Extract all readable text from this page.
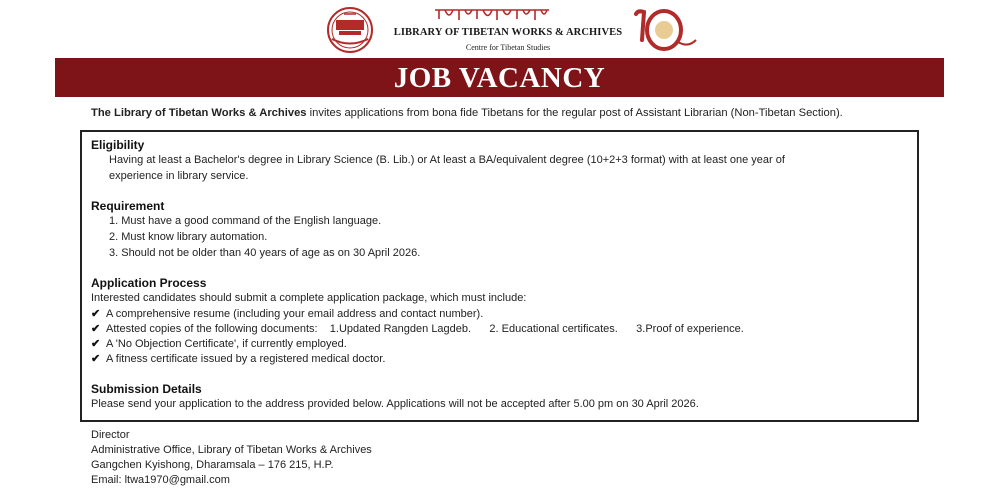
LIBRARY OF TIBETAN WORKS & ARCHIVES
Centre for Tibetan Studies
JOB VACANCY
The Library of Tibetan Works & Archives invites applications from bona fide Tibetans for the regular post of Assistant Librarian (Non-Tibetan Section).
Eligibility
Having at least a Bachelor's degree in Library Science (B. Lib.) or At least a BA/equivalent degree (10+2+3 format) with at least one year of
experience in library service.
Requirement
1. Must have a good command of the English language.
2. Must know library automation.
3. Should not be older than 40 years of age as on 30 April 2026.
Application Process
Interested candidates should submit a complete application package, which must include:
✔ A comprehensive resume (including your email address and contact number).
✔ Attested copies of the following documents:    1.Updated Rangden Lagdeb.      2. Educational certificates.      3.Proof of experience.
✔ A 'No Objection Certificate', if currently employed.
✔ A fitness certificate issued by a registered medical doctor.
Submission Details
Please send your application to the address provided below. Applications will not be accepted after 5.00 pm on 30 April 2026.
Director
Administrative Office, Library of Tibetan Works & Archives
Gangchen Kyishong, Dharamsala – 176 215, H.P.
Email: ltwa1970@gmail.com
